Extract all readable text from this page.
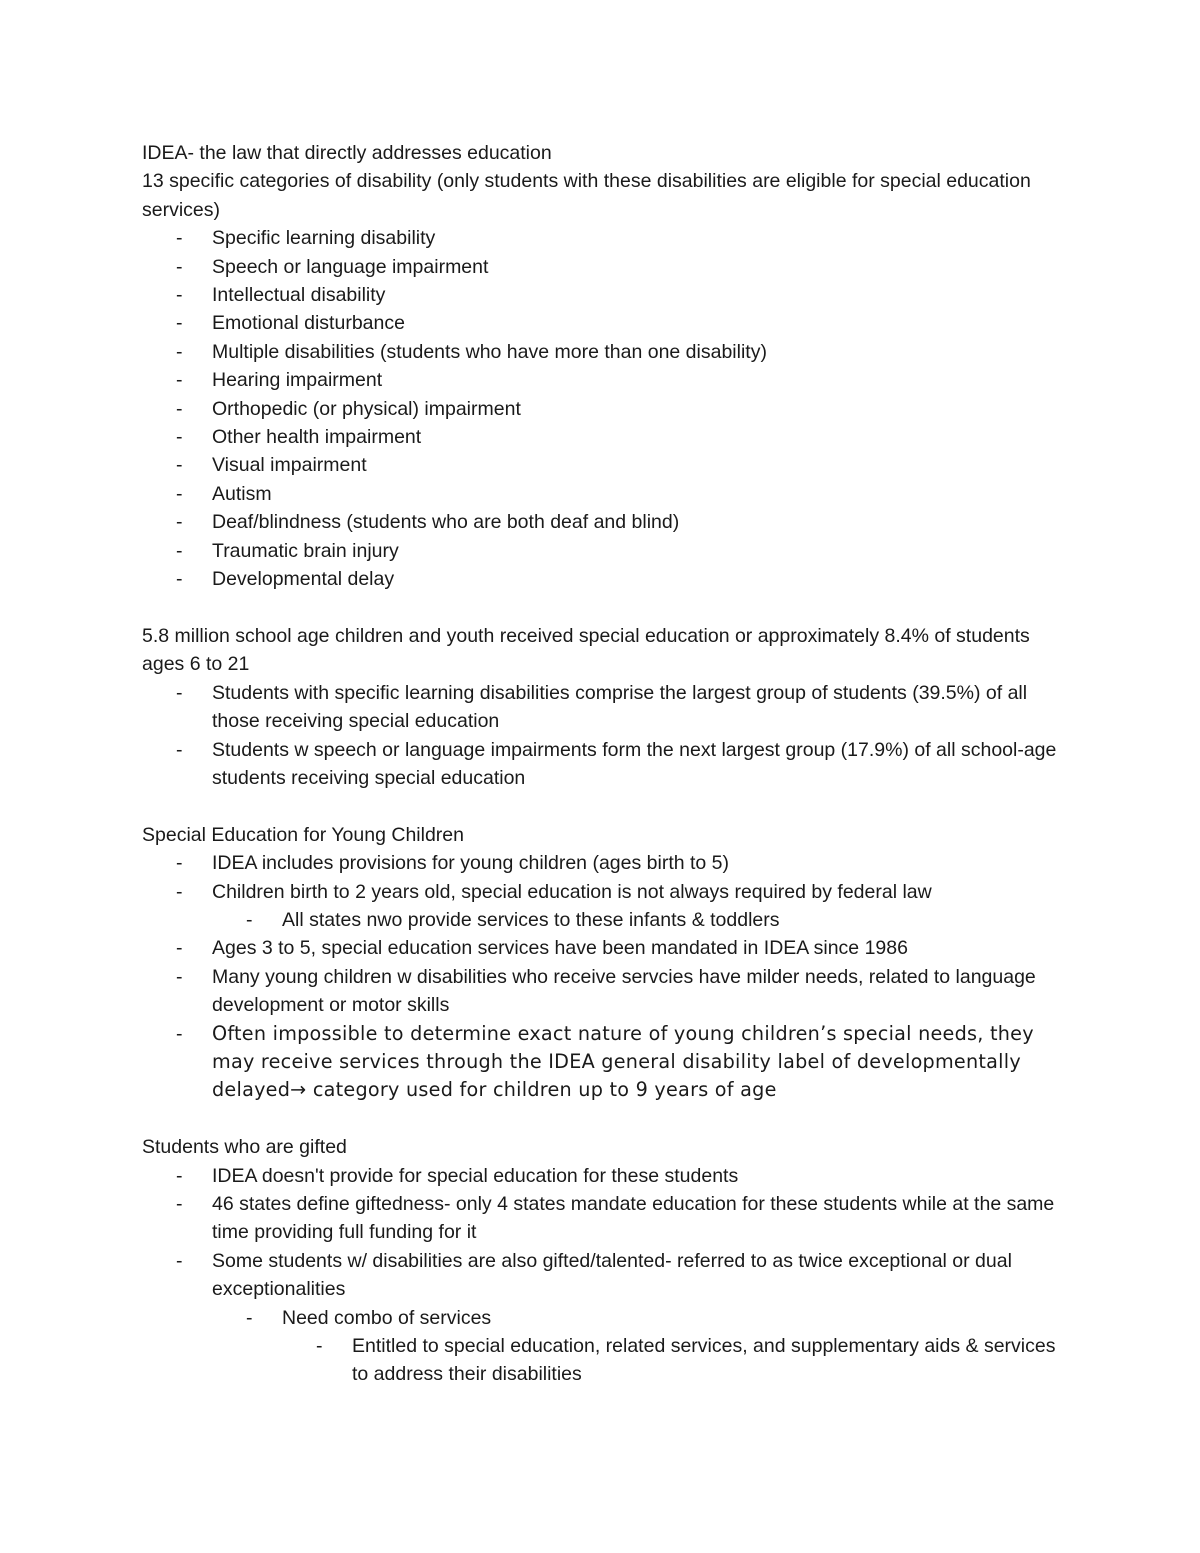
IDEA- the law that directly addresses education

13 specific categories of disability (only students with these disabilities are eligible for special education services)

- Specific learning disability
- Speech or language impairment
- Intellectual disability
- Emotional disturbance
- Multiple disabilities (students who have more than one disability)
- Hearing impairment
- Orthopedic (or physical) impairment
- Other health impairment
- Visual impairment
- Autism
- Deaf/blindness (students who are both deaf and blind)
- Traumatic brain injury
- Developmental delay

5.8 million school age children and youth received special education or approximately 8.4% of students ages 6 to 21

- Students with specific learning disabilities comprise the largest group of students (39.5%) of all those receiving special education
- Students w speech or language impairments form the next largest group (17.9%) of all school-age students receiving special education

Special Education for Young Children

- IDEA includes provisions for young children (ages birth to 5)
- Children birth to 2 years old, special education is not always required by federal law
- All states nwo provide services to these infants & toddlers
- Ages 3 to 5, special education services have been mandated in IDEA since 1986
- Many young children w disabilities who receive servcies have milder needs, related to language development or motor skills
- Often impossible to determine exact nature of young children’s special needs, they may receive services through the IDEA general disability label of developmentally delayed→ category used for children up to 9 years of age

Students who are gifted

- IDEA doesn't provide for special education for these students
- 46 states define giftedness- only 4 states mandate education for these students while at the same time providing full funding for it
- Some students w/ disabilities are also gifted/talented- referred to as twice exceptional or dual exceptionalities
- Need combo of services
- Entitled to special education, related services, and supplementary aids & services to address their disabilities
